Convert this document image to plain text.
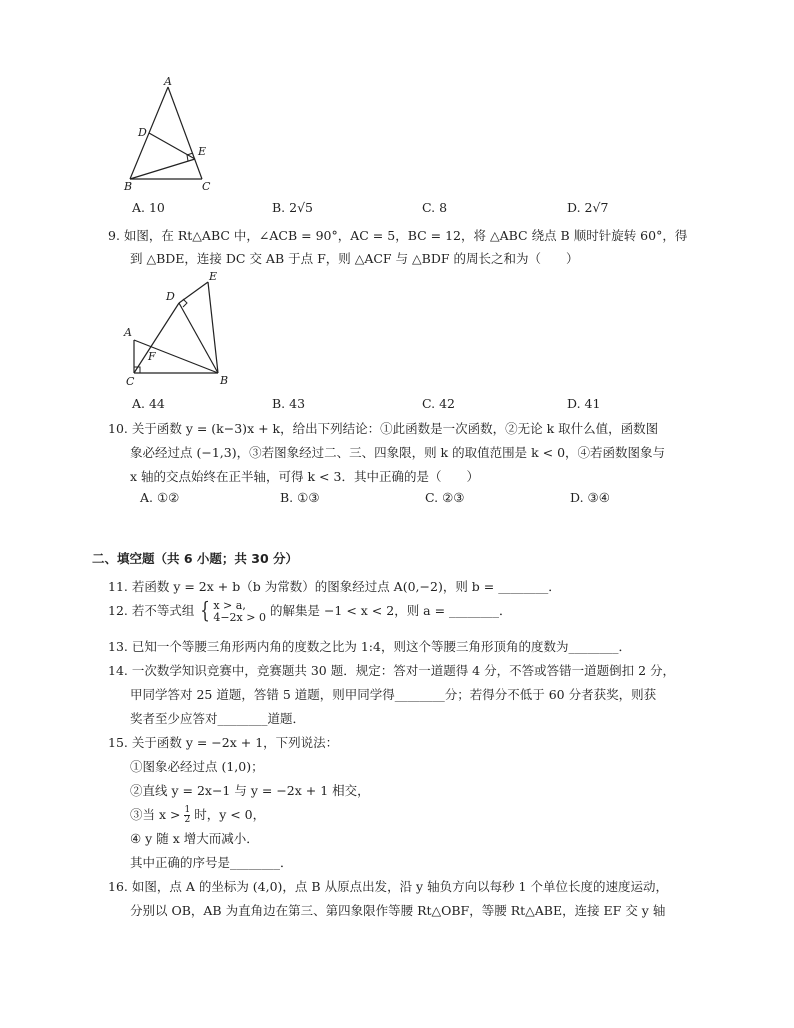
A
D
E
B	C
A. 10	B. 2√5	C. 8	D. 2√7
9. 如图，在 Rt△ABC 中，∠ACB = 90°，AC = 5，BC = 12，将 △ABC 绕点 B 顺时针旋转 60°，得
到 △BDE，连接 DC 交 AB 于点 F，则 △ACF 与 △BDF 的周长之和为（　　）
A
D
E
F
C	B
A. 44	B. 43	C. 42	D. 41
10. 关于函数 y = (k−3)x + k，给出下列结论：①此函数是一次函数，②无论 k 取什么值，函数图
象必经过点 (−1,3)，③若图象经过二、三、四象限，则 k 的取值范围是 k < 0，④若函数图象与
x 轴的交点始终在正半轴，可得 k < 3．其中正确的是（　　）
A. ①②	B. ①③	C. ②③	D. ③④
二、填空题（共 6 小题；共 30 分）
11. 若函数 y = 2x + b（b 为常数）的图象经过点 A(0,−2)，则 b = ________．
12. 若不等式组 { x > a,
4−2x > 0 的解集是 −1 < x < 2，则 a = ________．
13. 已知一个等腰三角形两内角的度数之比为 1:4，则这个等腰三角形顶角的度数为________．
14. 一次数学知识竞赛中，竞赛题共 30 题．规定：答对一道题得 4 分，不答或答错一道题倒扣 2 分，
甲同学答对 25 道题，答错 5 道题，则甲同学得________分；若得分不低于 60 分者获奖，则获
奖者至少应答对________道题．
15. 关于函数 y = −2x + 1，下列说法：
①图象必经过点 (1,0)；
②直线 y = 2x−1 与 y = −2x + 1 相交，
③当 $x > \frac{1}{2}$ 时，y < 0，
④ y 随 x 增大而减小．
其中正确的序号是________．
16. 如图，点 A 的坐标为 (4,0)，点 B 从原点出发，沿 y 轴负方向以每秒 1 个单位长度的速度运动，
分别以 OB，AB 为直角边在第三、第四象限作等腰 Rt△OBF，等腰 Rt△ABE，连接 EF 交 y 轴
